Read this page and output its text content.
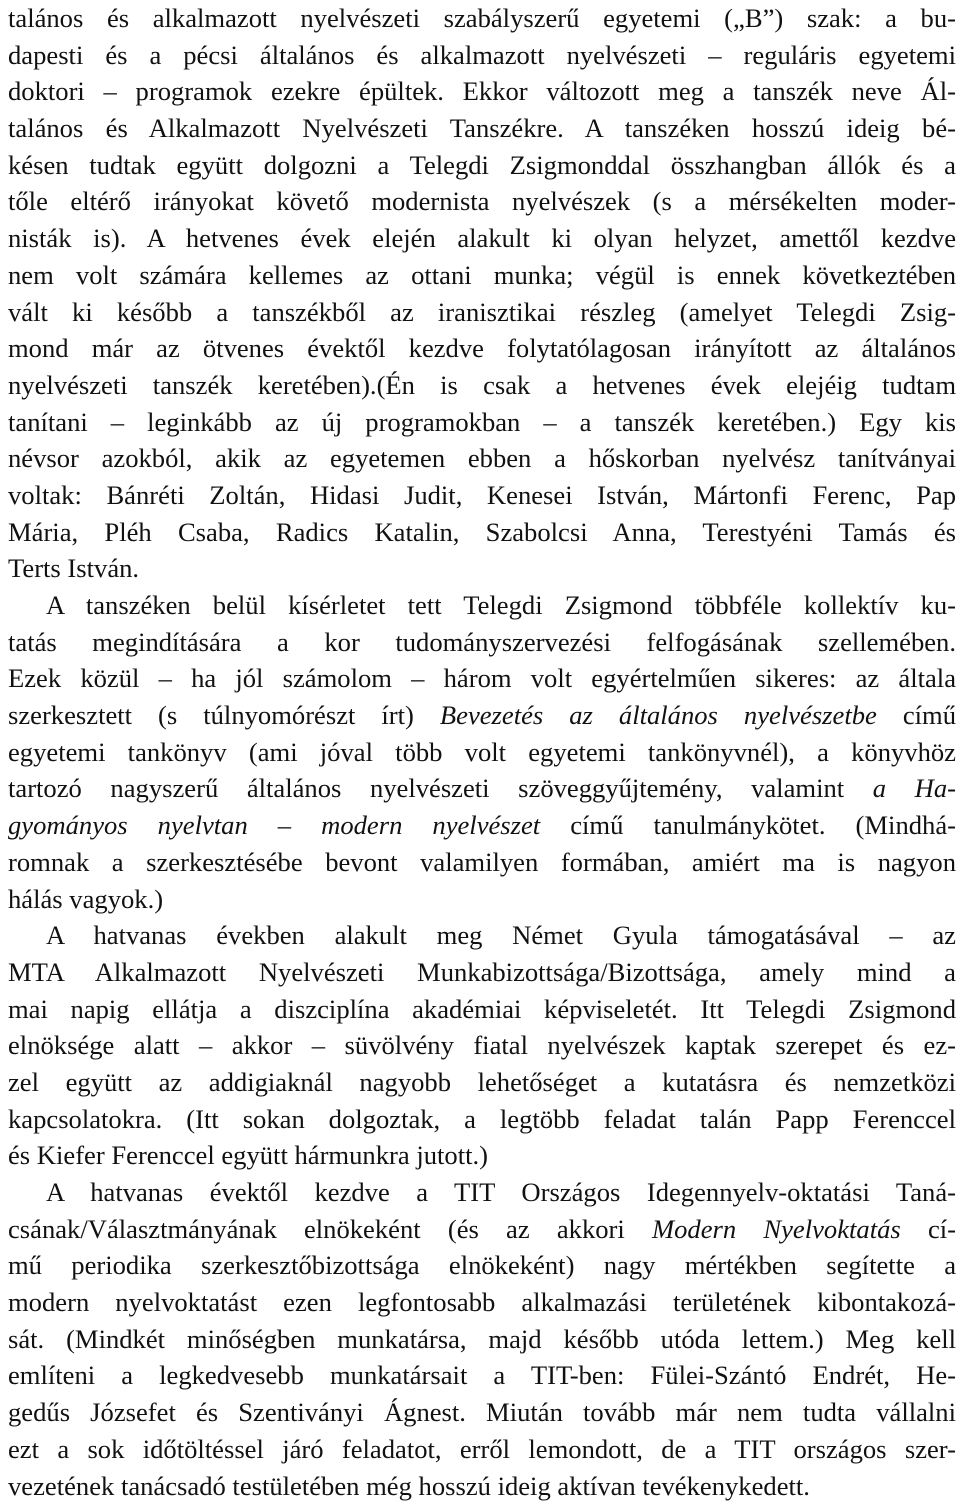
talános és alkalmazott nyelvészeti szabályszerű egyetemi („B”) szak: a bu-
dapesti és a pécsi általános és alkalmazott nyelvészeti – reguláris egyetemi
doktori – programok ezekre épültek. Ekkor változott meg a tanszék neve Ál-
talános és Alkalmazott Nyelvészeti Tanszékre. A tanszéken hosszú ideig bé-
késen tudtak együtt dolgozni a Telegdi Zsigmonddal összhangban állók és a
tőle eltérő irányokat követő modernista nyelvészek (s a mérsékelten moder-
nisták is). A hetvenes évek elején alakult ki olyan helyzet, amettől kezdve
nem volt számára kellemes az ottani munka; végül is ennek következtében
vált ki később a tanszékből az iranisztikai részleg (amelyet Telegdi Zsig-
mond már az ötvenes évektől kezdve folytatólagosan irányított az általános
nyelvészeti tanszék keretében).(Én is csak a hetvenes évek elejéig tudtam
tanítani – leginkább az új programokban – a tanszék keretében.) Egy kis
névsor azokból, akik az egyetemen ebben a hőskorban nyelvész tanítványai
voltak: Bánréti Zoltán, Hidasi Judit, Kenesei István, Mártonfi Ferenc, Pap
Mária, Pléh Csaba, Radics Katalin, Szabolcsi Anna, Terestyéni Tamás és
Terts István.
A tanszéken belül kísérletet tett Telegdi Zsigmond többféle kollektív ku-
tatás megindítására a kor tudományszervezési felfogásának szellemében.
Ezek közül – ha jól számolom – három volt egyértelműen sikeres: az általa
szerkesztett (s túlnyomórészt írt) Bevezetés az általános nyelvészetbe című
egyetemi tankönyv (ami jóval több volt egyetemi tankönyvnél), a könyvhöz
tartozó nagyszerű általános nyelvészeti szöveggyűjtemény, valamint a Ha-
gyományos nyelvtan – modern nyelvészet című tanulmánykötet. (Mindhá-
romnak a szerkesztésébe bevont valamilyen formában, amiért ma is nagyon
hálás vagyok.)
A hatvanas években alakult meg Német Gyula támogatásával – az
MTA Alkalmazott Nyelvészeti Munkabizottsága/Bizottsága, amely mind a
mai napig ellátja a diszciplína akadémiai képviseletét. Itt Telegdi Zsigmond
elnöksége alatt – akkor – süvölvény fiatal nyelvészek kaptak szerepet és ez-
zel együtt az addigiaknál nagyobb lehetőséget a kutatásra és nemzetközi
kapcsolatokra. (Itt sokan dolgoztak, a legtöbb feladat talán Papp Ferenccel
és Kiefer Ferenccel együtt hármunkra jutott.)
A hatvanas évektől kezdve a TIT Országos Idegennyelv-oktatási Taná-
csának/Választmányának elnökeként (és az akkori Modern Nyelvoktatás cí-
mű periodika szerkesztőbizottsága elnökeként) nagy mértékben segítette a
modern nyelvoktatást ezen legfontosabb alkalmazási területének kibontakozá-
sát. (Mindkét minőségben munkatársa, majd később utóda lettem.) Meg kell
említeni a legkedvesebb munkatársait a TIT-ben: Fülei-Szántó Endrét, He-
gedűs Józsefet és Szentiványi Ágnest. Miután tovább már nem tudta vállalni
ezt a sok időtöltéssel járó feladatot, erről lemondott, de a TIT országos szer-
vezetének tanácsadó testületében még hosszú ideig aktívan tevékenykedett.
